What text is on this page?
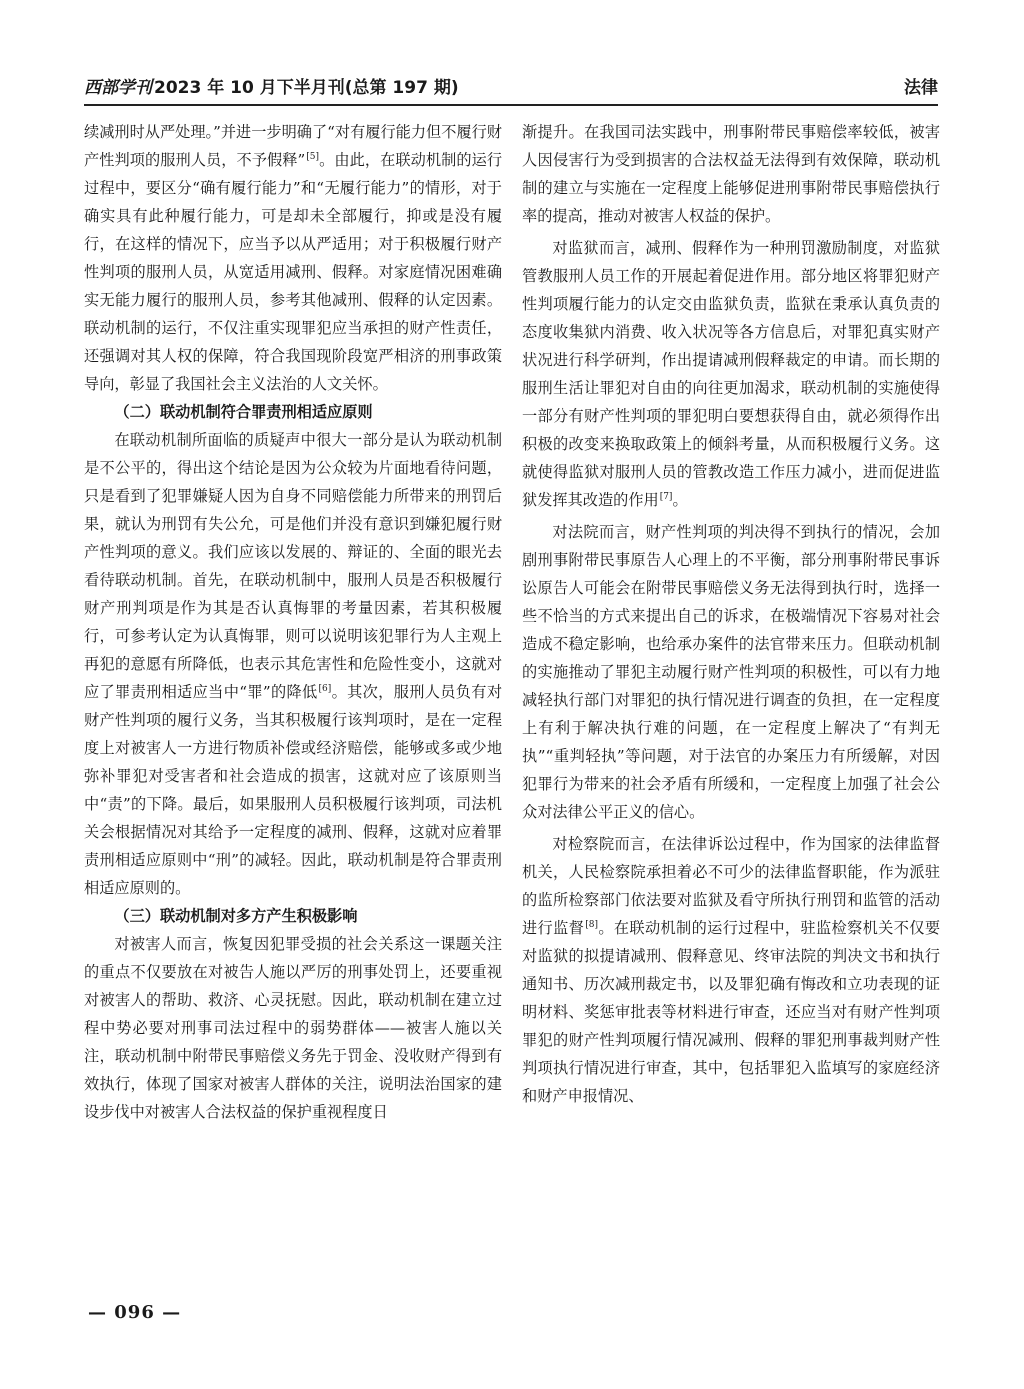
西部学刊 2023 年 10 月下半月刊(总第 197 期)	法律

续减刑时从严处理。”并进一步明确了“对有履行能力但不履行财产性判项的服刑人员，不予假释”[5]。由此，在联动机制的运行过程中，要区分“确有履行能力”和“无履行能力”的情形，对于确实具有此种履行能力，可是却未全部履行，抑或是没有履行，在这样的情况下，应当予以从严适用；对于积极履行财产性判项的服刑人员，从宽适用减刑、假释。对家庭情况困难确实无能力履行的服刑人员，参考其他减刑、假释的认定因素。联动机制的运行，不仅注重实现罪犯应当承担的财产性责任，还强调对其人权的保障，符合我国现阶段宽严相济的刑事政策导向，彰显了我国社会主义法治的人文关怀。

（二）联动机制符合罪责刑相适应原则

在联动机制所面临的质疑声中很大一部分是认为联动机制是不公平的，得出这个结论是因为公众较为片面地看待问题，只是看到了犯罪嫌疑人因为自身不同赔偿能力所带来的刑罚后果，就认为刑罚有失公允，可是他们并没有意识到嫌犯履行财产性判项的意义。我们应该以发展的、辩证的、全面的眼光去看待联动机制。首先，在联动机制中，服刑人员是否积极履行财产刑判项是作为其是否认真悔罪的考量因素，若其积极履行，可参考认定为认真悔罪，则可以说明该犯罪行为人主观上再犯的意愿有所降低，也表示其危害性和危险性变小，这就对应了罪责刑相适应当中“罪”的降低[6]。其次，服刑人员负有对财产性判项的履行义务，当其积极履行该判项时，是在一定程度上对被害人一方进行物质补偿或经济赔偿，能够或多或少地弥补罪犯对受害者和社会造成的损害，这就对应了该原则当中“责”的下降。最后，如果服刑人员积极履行该判项，司法机关会根据情况对其给予一定程度的减刑、假释，这就对应着罪责刑相适应原则中“刑”的减轻。因此，联动机制是符合罪责刑相适应原则的。

（三）联动机制对多方产生积极影响

对被害人而言，恢复因犯罪受损的社会关系这一课题关注的重点不仅要放在对被告人施以严厉的刑事处罚上，还要重视对被害人的帮助、救济、心灵抚慰。因此，联动机制在建立过程中势必要对刑事司法过程中的弱势群体——被害人施以关注，联动机制中附带民事赔偿义务先于罚金、没收财产得到有效执行，体现了国家对被害人群体的关注，说明法治国家的建设步伐中对被害人合法权益的保护重视程度日

渐提升。在我国司法实践中，刑事附带民事赔偿率较低，被害人因侵害行为受到损害的合法权益无法得到有效保障，联动机制的建立与实施在一定程度上能够促进刑事附带民事赔偿执行率的提高，推动对被害人权益的保护。

对监狱而言，减刑、假释作为一种刑罚激励制度，对监狱管教服刑人员工作的开展起着促进作用。部分地区将罪犯财产性判项履行能力的认定交由监狱负责，监狱在秉承认真负责的态度收集狱内消费、收入状况等各方信息后，对罪犯真实财产状况进行科学研判，作出提请减刑假释裁定的申请。而长期的服刑生活让罪犯对自由的向往更加渴求，联动机制的实施使得一部分有财产性判项的罪犯明白要想获得自由，就必须得作出积极的改变来换取政策上的倾斜考量，从而积极履行义务。这就使得监狱对服刑人员的管教改造工作压力减小，进而促进监狱发挥其改造的作用[7]。

对法院而言，财产性判项的判决得不到执行的情况，会加剧刑事附带民事原告人心理上的不平衡，部分刑事附带民事诉讼原告人可能会在附带民事赔偿义务无法得到执行时，选择一些不恰当的方式来提出自己的诉求，在极端情况下容易对社会造成不稳定影响，也给承办案件的法官带来压力。但联动机制的实施推动了罪犯主动履行财产性判项的积极性，可以有力地减轻执行部门对罪犯的执行情况进行调查的负担，在一定程度上有利于解决执行难的问题，在一定程度上解决了“有判无执”“重判轻执”等问题，对于法官的办案压力有所缓解，对因犯罪行为带来的社会矛盾有所缓和，一定程度上加强了社会公众对法律公平正义的信心。

对检察院而言，在法律诉讼过程中，作为国家的法律监督机关，人民检察院承担着必不可少的法律监督职能，作为派驻的监所检察部门依法要对监狱及看守所执行刑罚和监管的活动进行监督[8]。在联动机制的运行过程中，驻监检察机关不仅要对监狱的拟提请减刑、假释意见、终审法院的判决文书和执行通知书、历次减刑裁定书，以及罪犯确有悔改和立功表现的证明材料、奖惩审批表等材料进行审查，还应当对有财产性判项罪犯的财产性判项履行情况减刑、假释的罪犯刑事裁判财产性判项执行情况进行审查，其中，包括罪犯入监填写的家庭经济和财产申报情况、

— 096 —
